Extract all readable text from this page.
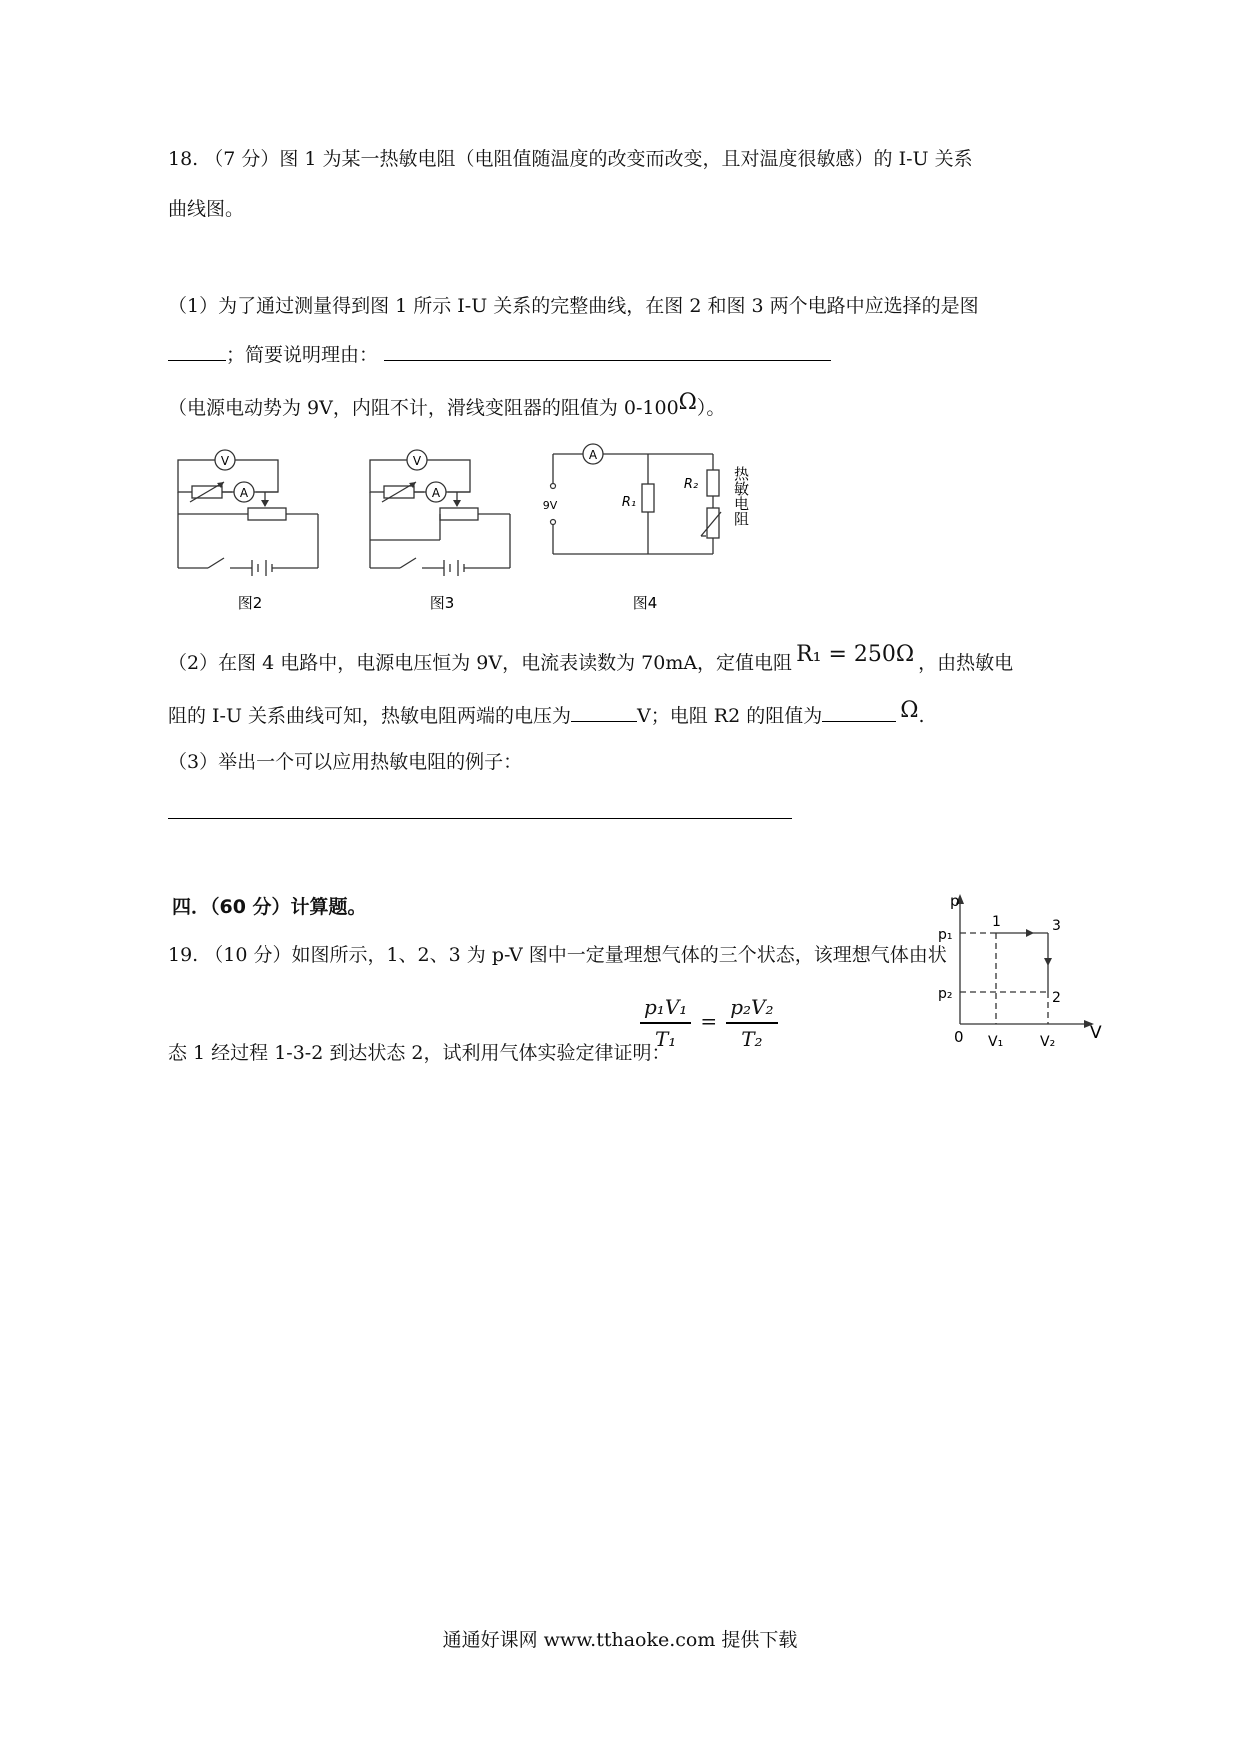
18. （7 分）图 1 为某一热敏电阻（电阻值随温度的改变而改变，且对温度很敏感）的 I-U 关系
曲线图。
（1）为了通过测量得到图 1 所示 I-U 关系的完整曲线，在图 2 和图 3 两个电路中应选择的是图
；简要说明理由：
（电源电动势为 9V，内阻不计，滑线变阻器的阻值为 0-100Ω）。
V
A
图2
V
A
图3
A
9V	R₁
R₂ 热敏电阻
图4
（2）在图 4 电路中，电源电压恒为 9V，电流表读数为 70mA，定值电阻 R₁ = 250Ω ，由热敏电
阻的 I-U 关系曲线可知，热敏电阻两端的电压为	V；电阻 R2 的阻值为	Ω.
（3）举出一个可以应用热敏电阻的例子：
四．（60 分）计算题。
19. （10 分）如图所示，1、2、3 为 p-V 图中一定量理想气体的三个状态，该理想气体由状
态 1 经过程 1-3-2 到达状态 2，试利用气体实验定律证明：
$\frac{\text{p₁V₁}}{\text{T₁}} = \frac{\text{p₂V₂}}{\text{T₂}}$
p
V
0
p₁
p₂
V₁	V₂
1
2
3
通通好课网 www.tthaoke.com 提供下载
